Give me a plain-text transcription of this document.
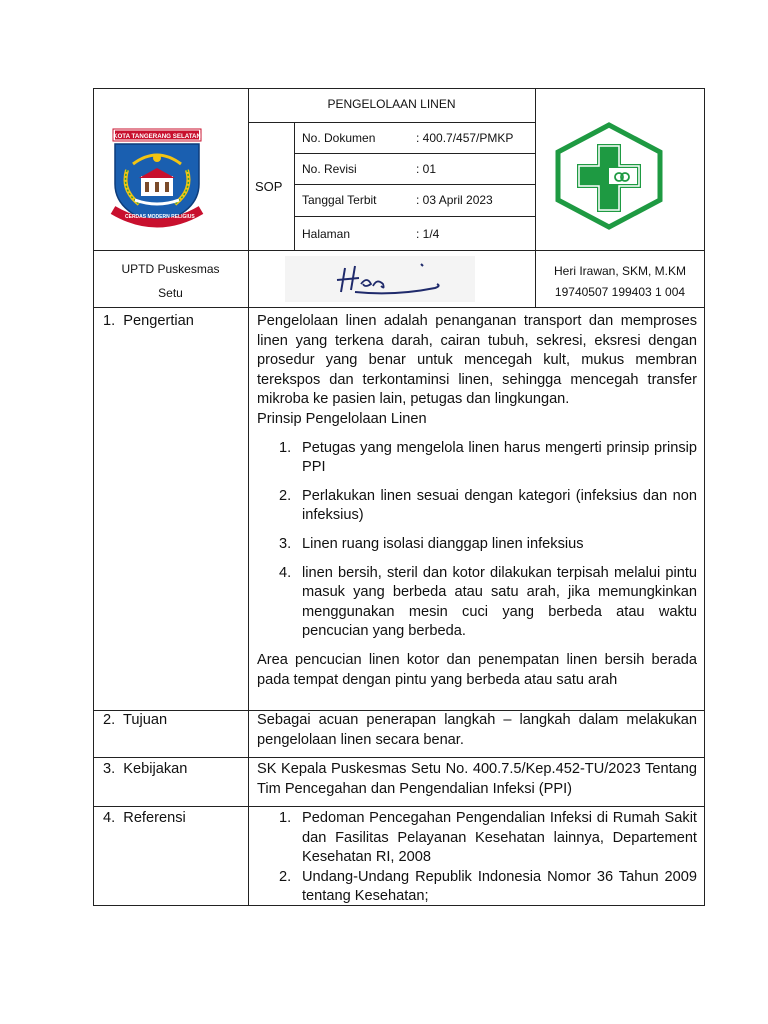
PENGELOLAAN LINEN
SOP
No. Dokumen	: 400.7/457/PMKP
No. Revisi	: 01
Tanggal Terbit	: 03 April 2023
Halaman	: 1/4
KOTA TANGERANG SELATAN
CERDAS MODERN RELIGIUS
UPTD Puskesmas
Setu
Heri Irawan, SKM, M.KM
19740507 199403 1 004
1.  Pengertian	Pengelolaan linen adalah penanganan transport dan memproses linen yang terkena darah, cairan tubuh, sekresi, eksresi dengan prosedur yang benar untuk mencegah kult, mukus membran terekspos dan terkontaminsi linen, sehingga mencegah transfer mikroba ke pasien lain, petugas dan lingkungan.
Prinsip Pengelolaan Linen
1. Petugas yang mengelola linen harus mengerti prinsip prinsip PPI
2. Perlakukan linen sesuai dengan kategori (infeksius dan non infeksius)
3. Linen ruang isolasi dianggap linen infeksius
4. linen bersih, steril dan kotor dilakukan terpisah melalui pintu masuk yang berbeda atau satu arah, jika memungkinkan menggunakan mesin cuci yang berbeda atau waktu pencucian yang berbeda.
Area pencucian linen kotor dan penempatan linen bersih berada pada tempat dengan pintu yang berbeda atau satu arah
2.  Tujuan	Sebagai acuan penerapan langkah – langkah dalam melakukan pengelolaan linen secara benar.
3.  Kebijakan	SK Kepala Puskesmas Setu No. 400.7.5/Kep.452-TU/2023 Tentang Tim Pencegahan dan Pengendalian Infeksi (PPI)
4.  Referensi	1. Pedoman Pencegahan Pengendalian Infeksi di Rumah Sakit dan Fasilitas Pelayanan Kesehatan lainnya, Departement Kesehatan RI, 2008
2. Undang-Undang Republik Indonesia Nomor 36 Tahun 2009 tentang Kesehatan;
